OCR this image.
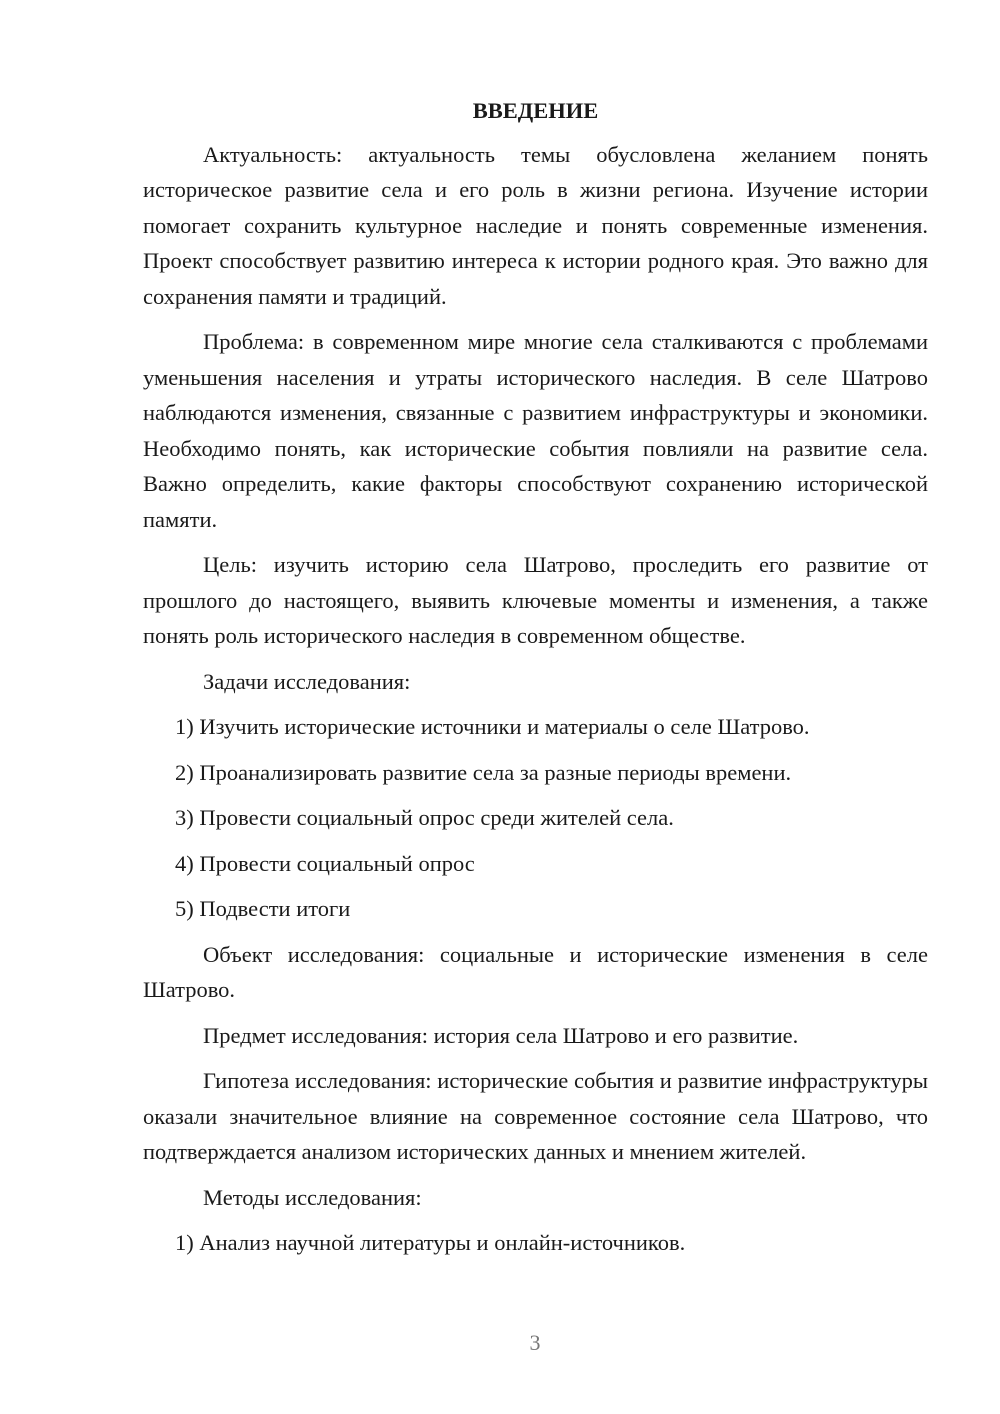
ВВЕДЕНИЕ

Актуальность: актуальность темы обусловлена желанием понять историческое развитие села и его роль в жизни региона. Изучение истории помогает сохранить культурное наследие и понять современные изменения. Проект способствует развитию интереса к истории родного края. Это важно для сохранения памяти и традиций.

Проблема: в современном мире многие села сталкиваются с проблемами уменьшения населения и утраты исторического наследия. В селе Шатрово наблюдаются изменения, связанные с развитием инфраструктуры и экономики. Необходимо понять, как исторические события повлияли на развитие села. Важно определить, какие факторы способствуют сохранению исторической памяти.

Цель: изучить историю села Шатрово, проследить его развитие от прошлого до настоящего, выявить ключевые моменты и изменения, а также понять роль исторического наследия в современном обществе.

Задачи исследования:

1) Изучить исторические источники и материалы о селе Шатрово.

2) Проанализировать развитие села за разные периоды времени.

3) Провести социальный опрос среди жителей села.

4) Провести социальный опрос

5) Подвести итоги

Объект исследования: социальные и исторические изменения в селе Шатрово.

Предмет исследования: история села Шатрово и его развитие.

Гипотеза исследования: исторические события и развитие инфраструктуры оказали значительное влияние на современное состояние села Шатрово, что подтверждается анализом исторических данных и мнением жителей.

Методы исследования:

1) Анализ научной литературы и онлайн-источников.

3
